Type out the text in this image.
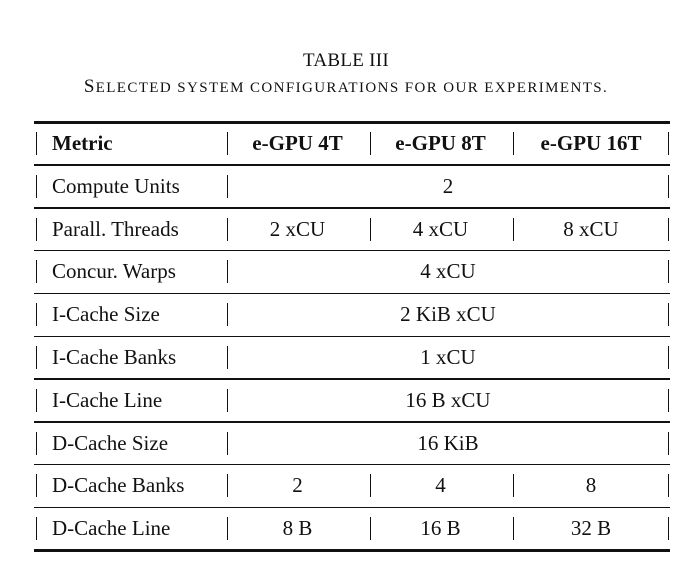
TABLE III
SELECTED SYSTEM CONFIGURATIONS FOR OUR EXPERIMENTS.
Metric	e-GPU 4T	e-GPU 8T	e-GPU 16T
Compute Units	2
Parall. Threads	2 xCU	4 xCU	8 xCU
Concur. Warps	4 xCU
I-Cache Size	2 KiB xCU
I-Cache Banks	1 xCU
I-Cache Line	16 B xCU
D-Cache Size	16 KiB
D-Cache Banks	2	4	8
D-Cache Line	8 B	16 B	32 B
